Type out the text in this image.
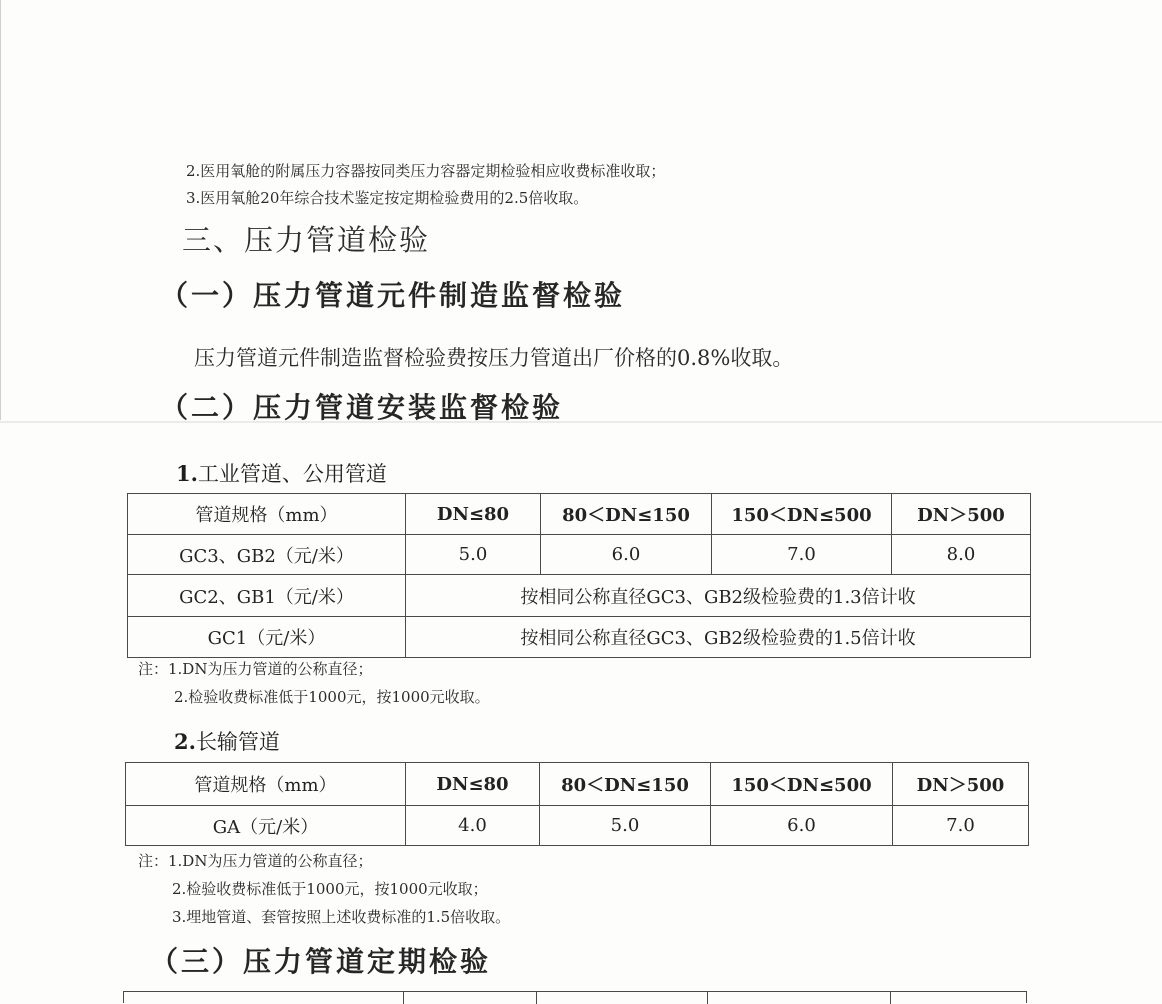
2.医用氧舱的附属压力容器按同类压力容器定期检验相应收费标准收取；
3.医用氧舱20年综合技术鉴定按定期检验费用的2.5倍收取。
三、压力管道检验
（一）压力管道元件制造监督检验
压力管道元件制造监督检验费按压力管道出厂价格的0.8%收取。
（二）压力管道安装监督检验
1.工业管道、公用管道
管道规格（mm）	DN≤80	80＜DN≤150	150＜DN≤500	DN＞500
GC3、GB2（元/米）	5.0	6.0	7.0	8.0
GC2、GB1（元/米）	按相同公称直径GC3、GB2级检验费的1.3倍计收			
GC1（元/米）	按相同公称直径GC3、GB2级检验费的1.5倍计收			
注：1.DN为压力管道的公称直径；
2.检验收费标准低于1000元，按1000元收取。
2.长输管道
管道规格（mm）	DN≤80	80＜DN≤150	150＜DN≤500	DN＞500
GA（元/米）	4.0	5.0	6.0	7.0
注：1.DN为压力管道的公称直径；
2.检验收费标准低于1000元，按1000元收取；
3.埋地管道、套管按照上述收费标准的1.5倍收取。
（三）压力管道定期检验
